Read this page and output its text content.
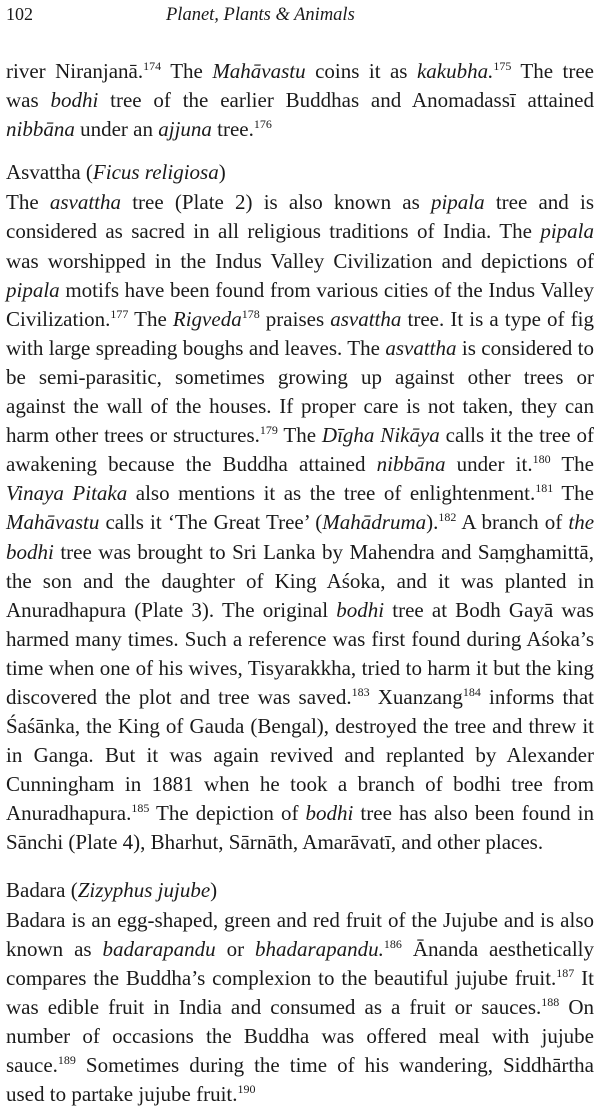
102	Planet, Plants & Animals

river Niranjanā.$^{174}$ The Mahāvastu coins it as kakubha.$^{175}$ The tree was bodhi tree of the earlier Buddhas and Anomadassī attained nibbāna under an ajjuna tree.$^{176}$

Asvattha (Ficus religiosa)

The asvattha tree (Plate 2) is also known as pipala tree and is considered as sacred in all religious traditions of India. The pipala was worshipped in the Indus Valley Civilization and depictions of pipala motifs have been found from various cities of the Indus Valley Civilization.$^{177}$ The Rigveda$^{178}$ praises asvattha tree. It is a type of fig with large spreading boughs and leaves. The asvattha is considered to be semi-parasitic, sometimes growing up against other trees or against the wall of the houses. If proper care is not taken, they can harm other trees or structures.$^{179}$ The Dīgha Nikāya calls it the tree of awakening because the Buddha attained nibbāna under it.$^{180}$ The Vinaya Pitaka also mentions it as the tree of enlightenment.$^{181}$ The Mahāvastu calls it ‘The Great Tree’ (Mahādruma).$^{182}$ A branch of the bodhi tree was brought to Sri Lanka by Mahendra and Saṃghamittā, the son and the daughter of King Aśoka, and it was planted in Anuradhapura (Plate 3). The original bodhi tree at Bodh Gayā was harmed many times. Such a reference was first found during Aśoka’s time when one of his wives, Tisyarakkha, tried to harm it but the king discovered the plot and tree was saved.$^{183}$ Xuanzang$^{184}$ informs that Śaśānka, the King of Gauda (Bengal), destroyed the tree and threw it in Ganga. But it was again revived and replanted by Alexander Cunningham in 1881 when he took a branch of bodhi tree from Anuradhapura.$^{185}$ The depiction of bodhi tree has also been found in Sānchi (Plate 4), Bharhut, Sārnāth, Amarāvatī, and other places.

Badara (Zizyphus jujube)

Badara is an egg-shaped, green and red fruit of the Jujube and is also known as badarapandu or bhadarapandu.$^{186}$ Ānanda aesthetically compares the Buddha’s complexion to the beautiful jujube fruit.$^{187}$ It was edible fruit in India and consumed as a fruit or sauces.$^{188}$ On number of occasions the Buddha was offered meal with jujube sauce.$^{189}$ Sometimes during the time of his wandering, Siddhārtha used to partake jujube fruit.$^{190}$
